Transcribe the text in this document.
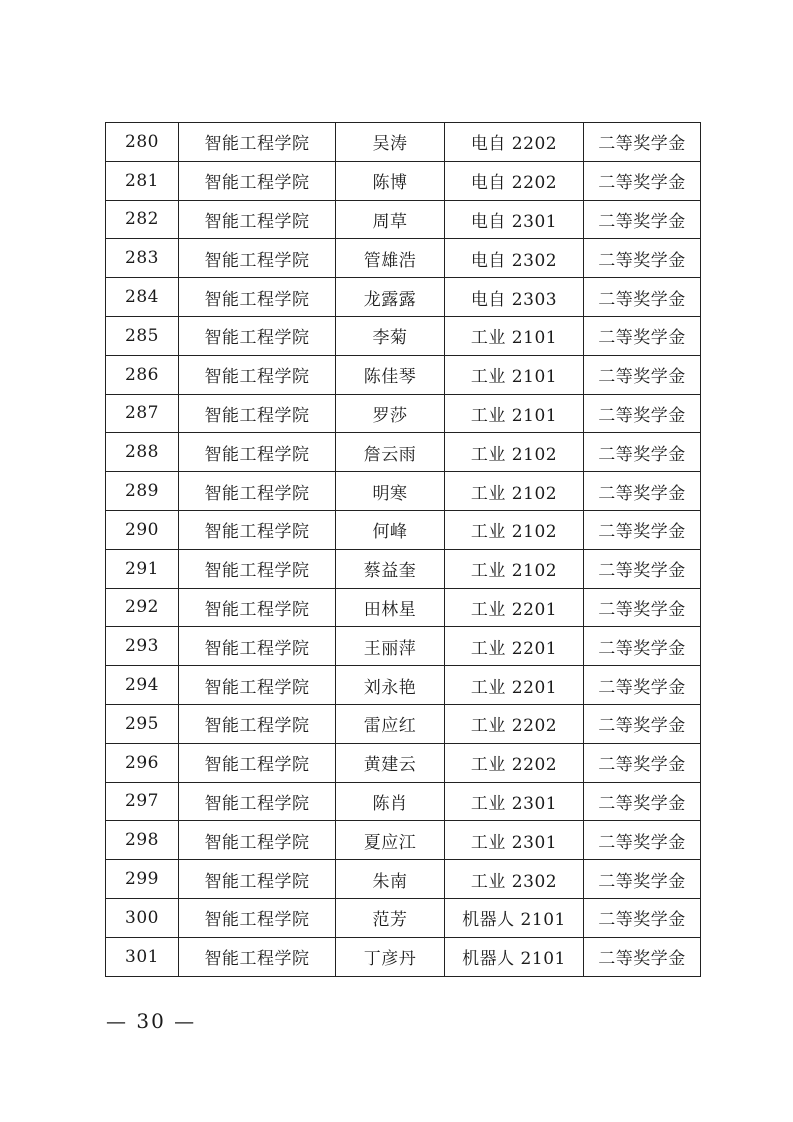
280	智能工程学院	吴涛	电自 2202	二等奖学金
281	智能工程学院	陈博	电自 2202	二等奖学金
282	智能工程学院	周草	电自 2301	二等奖学金
283	智能工程学院	管雄浩	电自 2302	二等奖学金
284	智能工程学院	龙露露	电自 2303	二等奖学金
285	智能工程学院	李菊	工业 2101	二等奖学金
286	智能工程学院	陈佳琴	工业 2101	二等奖学金
287	智能工程学院	罗莎	工业 2101	二等奖学金
288	智能工程学院	詹云雨	工业 2102	二等奖学金
289	智能工程学院	明寒	工业 2102	二等奖学金
290	智能工程学院	何峰	工业 2102	二等奖学金
291	智能工程学院	蔡益奎	工业 2102	二等奖学金
292	智能工程学院	田林星	工业 2201	二等奖学金
293	智能工程学院	王丽萍	工业 2201	二等奖学金
294	智能工程学院	刘永艳	工业 2201	二等奖学金
295	智能工程学院	雷应红	工业 2202	二等奖学金
296	智能工程学院	黄建云	工业 2202	二等奖学金
297	智能工程学院	陈肖	工业 2301	二等奖学金
298	智能工程学院	夏应江	工业 2301	二等奖学金
299	智能工程学院	朱南	工业 2302	二等奖学金
300	智能工程学院	范芳	机器人 2101	二等奖学金
301	智能工程学院	丁彦丹	机器人 2101	二等奖学金
— 30 —
